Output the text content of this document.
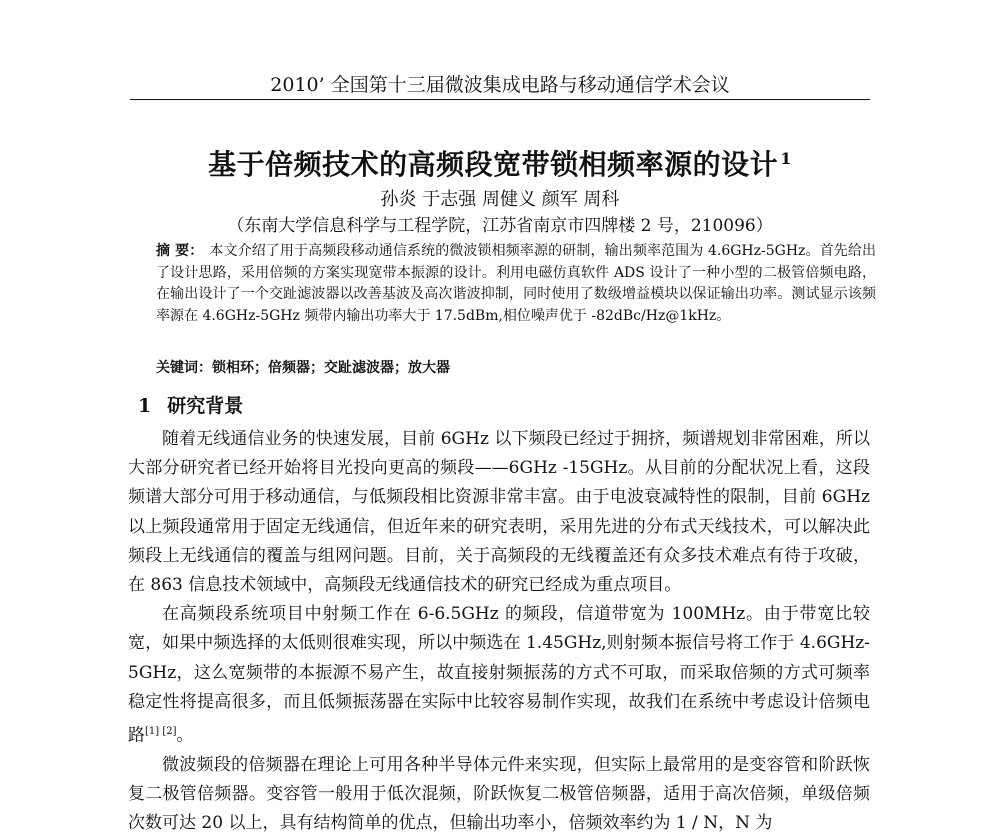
2010’ 全国第十三届微波集成电路与移动通信学术会议
基于倍频技术的高频段宽带锁相频率源的设计 $^1$
孙炎 于志强 周健义 颜军 周科
（东南大学信息科学与工程学院，江苏省南京市四牌楼 2 号，210096）
摘 要： 本文介绍了用于高频段移动通信系统的微波锁相频率源的研制，输出频率范围为 4.6GHz-5GHz。首先给出了设计思路，采用倍频的方案实现宽带本振源的设计。利用电磁仿真软件 ADS 设计了一种小型的二极管倍频电路，在输出设计了一个交趾滤波器以改善基波及高次谐波抑制，同时使用了数级增益模块以保证输出功率。测试显示该频率源在 4.6GHz-5GHz 频带内输出功率大于 17.5dBm,相位噪声优于 -82dBc/Hz@1kHz。
关键词：锁相环；倍频器；交趾滤波器；放大器
1 研究背景

随着无线通信业务的快速发展，目前 6GHz 以下频段已经过于拥挤，频谱规划非常困难，所以大部分研究者已经开始将目光投向更高的频段——6GHz -15GHz。从目前的分配状况上看，这段频谱大部分可用于移动通信，与低频段相比资源非常丰富。由于电波衰减特性的限制，目前 6GHz 以上频段通常用于固定无线通信，但近年来的研究表明，采用先进的分布式天线技术，可以解决此频段上无线通信的覆盖与组网问题。目前，关于高频段的无线覆盖还有众多技术难点有待于攻破，在 863 信息技术领域中，高频段无线通信技术的研究已经成为重点项目。

在高频段系统项目中射频工作在 6-6.5GHz 的频段，信道带宽为 100MHz。由于带宽比较宽，如果中频选择的太低则很难实现，所以中频选在 1.45GHz,则射频本振信号将工作于 4.6GHz-5GHz，这么宽频带的本振源不易产生，故直接射频振荡的方式不可取，而采取倍频的方式可频率稳定性将提高很多，而且低频振荡器在实际中比较容易制作实现，故我们在系统中考虑设计倍频电路[1] [2]。

微波频段的倍频器在理论上可用各种半导体元件来实现，但实际上最常用的是变容管和阶跃恢复二极管倍频器。变容管一般用于低次混频，阶跃恢复二极管倍频器，适用于高次倍频，单级倍频次数可达 20 以上，具有结构简单的优点，但输出功率小，倍频效率约为 1 / N，N 为
